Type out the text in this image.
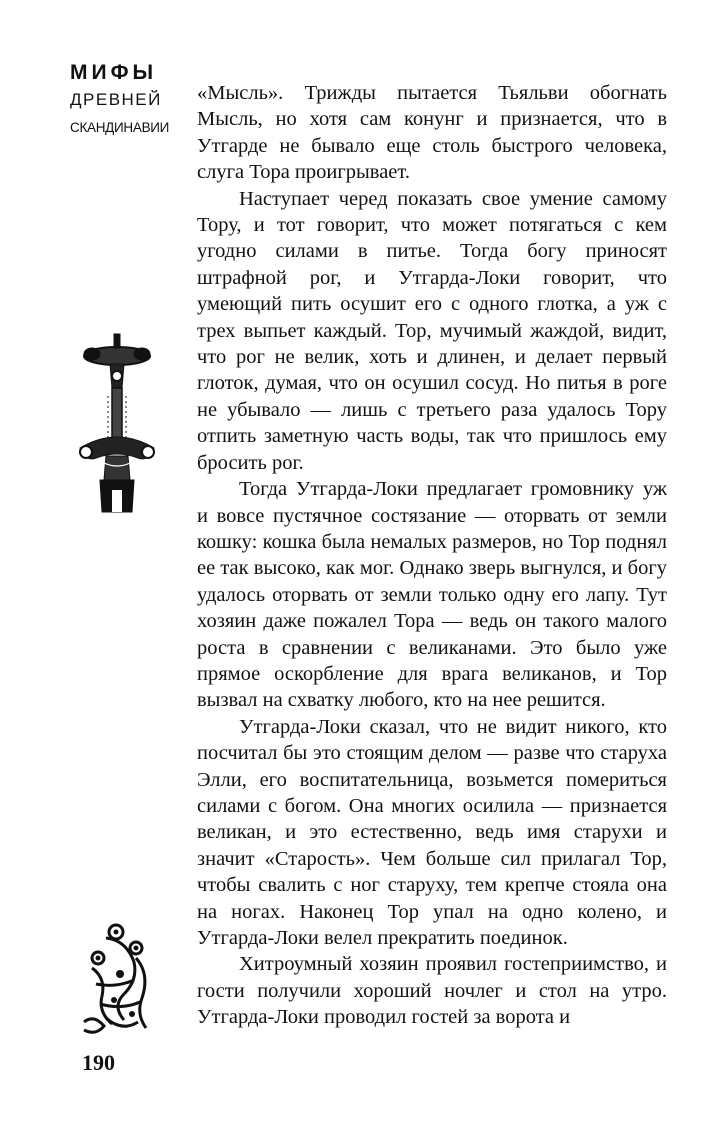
МИФЫ
ДРЕВНЕЙ
СКАНДИНАВИИ
190

«Мысль». Трижды пытается Тьяльви обогнать Мысль, но хотя сам конунг и признается, что в Утгарде не бывало еще столь быстрого человека, слуга Тора проигрывает.

Наступает черед показать свое умение самому Тору, и тот говорит, что может потягаться с кем угодно силами в питье. Тогда богу приносят штрафной рог, и Утгарда-Локи говорит, что умеющий пить осушит его с одного глотка, а уж с трех выпьет каждый. Тор, мучимый жаждой, видит, что рог не велик, хоть и длинен, и делает первый глоток, думая, что он осушил сосуд. Но питья в роге не убывало — лишь с третьего раза удалось Тору отпить заметную часть воды, так что пришлось ему бросить рог.

Тогда Утгарда-Локи предлагает громовнику уж и вовсе пустячное состязание — оторвать от земли кошку: кошка была немалых размеров, но Тор поднял ее так высоко, как мог. Однако зверь выгнулся, и богу удалось оторвать от земли только одну его лапу. Тут хозяин даже пожалел Тора — ведь он такого малого роста в сравнении с великанами. Это было уже прямое оскорбление для врага великанов, и Тор вызвал на схватку любого, кто на нее решится.

Утгарда-Локи сказал, что не видит никого, кто посчитал бы это стоящим делом — разве что старуха Элли, его воспитательница, возьмется помериться силами с богом. Она многих осилила — признается великан, и это естественно, ведь имя старухи и значит «Старость». Чем больше сил прилагал Тор, чтобы свалить с ног старуху, тем крепче стояла она на ногах. Наконец Тор упал на одно колено, и Утгарда-Локи велел прекратить поединок.

Хитроумный хозяин проявил гостеприимство, и гости получили хороший ночлег и стол на утро. Утгарда-Локи проводил гостей за ворота и
